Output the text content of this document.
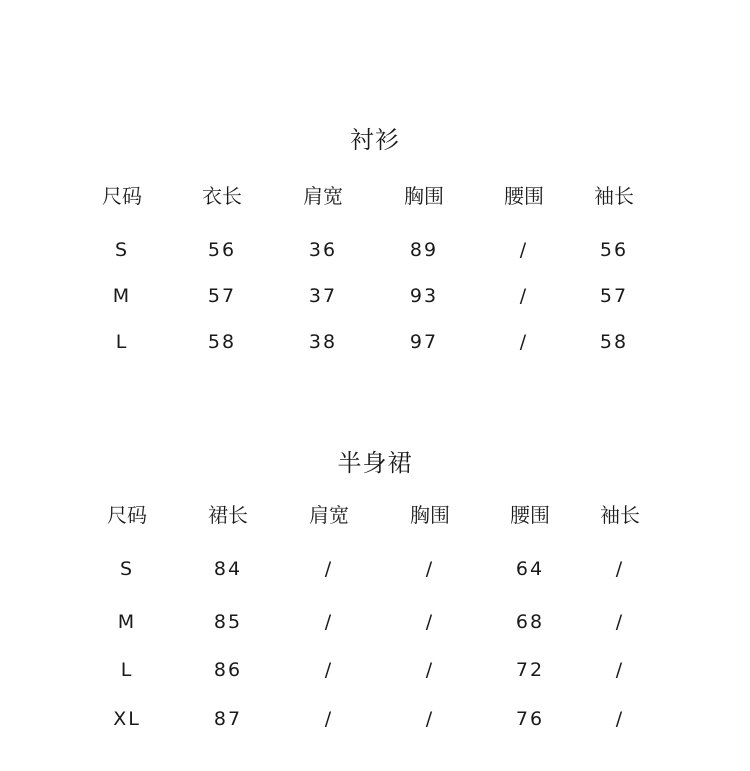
衬衫
尺码	衣长	肩宽	胸围	腰围	袖长
S	56	36	89	/	56
M	57	37	93	/	57
L	58	38	97	/	58
半身裙
尺码	裙长	肩宽	胸围	腰围	袖长
S	84	/	/	64	/
M	85	/	/	68	/
L	86	/	/	72	/
XL	87	/	/	76	/
